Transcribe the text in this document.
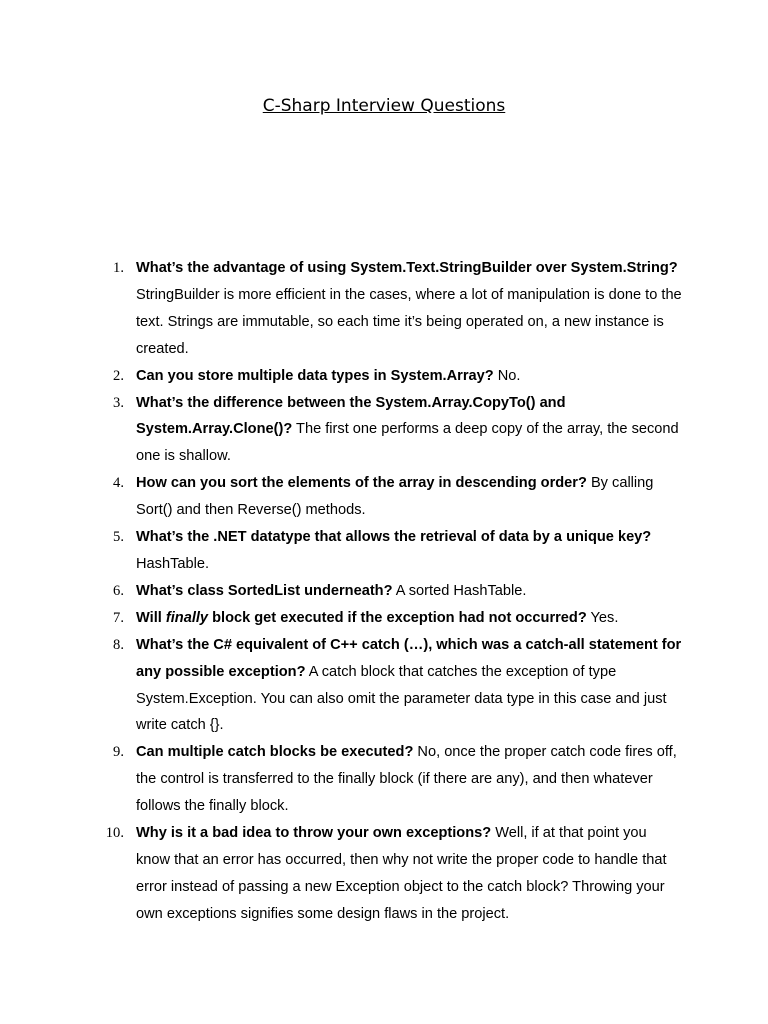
C-Sharp Interview Questions
1. What’s the advantage of using System.Text.StringBuilder over System.String? StringBuilder is more efficient in the cases, where a lot of manipulation is done to the text. Strings are immutable, so each time it’s being operated on, a new instance is created.
2. Can you store multiple data types in System.Array? No.
3. What’s the difference between the System.Array.CopyTo() and System.Array.Clone()? The first one performs a deep copy of the array, the second one is shallow.
4. How can you sort the elements of the array in descending order? By calling Sort() and then Reverse() methods.
5. What’s the .NET datatype that allows the retrieval of data by a unique key? HashTable.
6. What’s class SortedList underneath? A sorted HashTable.
7. Will finally block get executed if the exception had not occurred? Yes.
8. What’s the C# equivalent of C++ catch (…), which was a catch-all statement for any possible exception? A catch block that catches the exception of type System.Exception. You can also omit the parameter data type in this case and just write catch {}.
9. Can multiple catch blocks be executed? No, once the proper catch code fires off, the control is transferred to the finally block (if there are any), and then whatever follows the finally block.
10. Why is it a bad idea to throw your own exceptions? Well, if at that point you know that an error has occurred, then why not write the proper code to handle that error instead of passing a new Exception object to the catch block? Throwing your own exceptions signifies some design flaws in the project.
